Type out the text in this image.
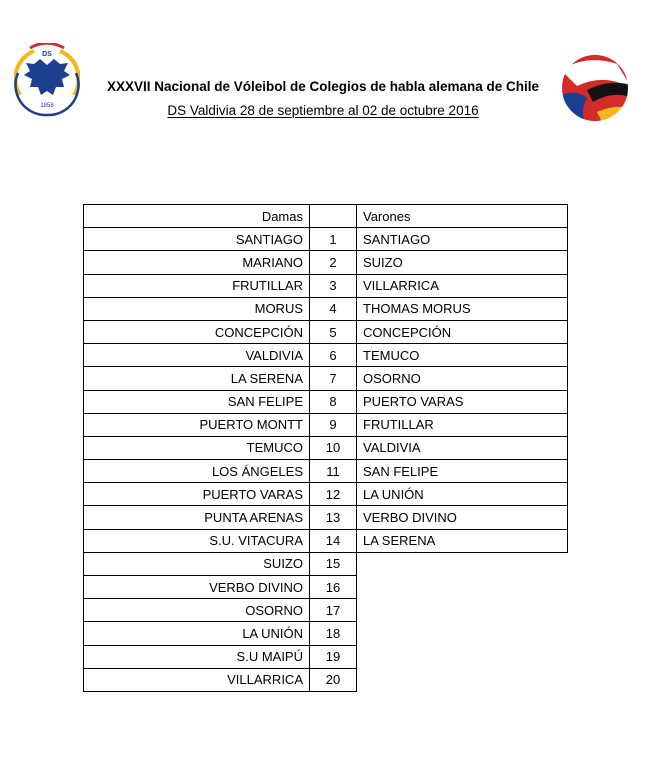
DS
1858
XXXVII Nacional de Vóleibol de Colegios de habla alemana de Chile
DS Valdivia 28 de septiembre al 02 de octubre 2016
Damas		Varones
SANTIAGO	1	SANTIAGO
MARIANO	2	SUIZO
FRUTILLAR	3	VILLARRICA
MORUS	4	THOMAS MORUS
CONCEPCIÓN	5	CONCEPCIÓN
VALDIVIA	6	TEMUCO
LA SERENA	7	OSORNO
SAN FELIPE	8	PUERTO VARAS
PUERTO MONTT	9	FRUTILLAR
TEMUCO	10	VALDIVIA
LOS ÁNGELES	11	SAN FELIPE
PUERTO VARAS	12	LA UNIÓN
PUNTA ARENAS	13	VERBO DIVINO
S.U. VITACURA	14	LA SERENA
SUIZO	15	
VERBO DIVINO	16	
OSORNO	17	
LA UNIÓN	18	
S.U MAIPÚ	19	
VILLARRICA	20	
